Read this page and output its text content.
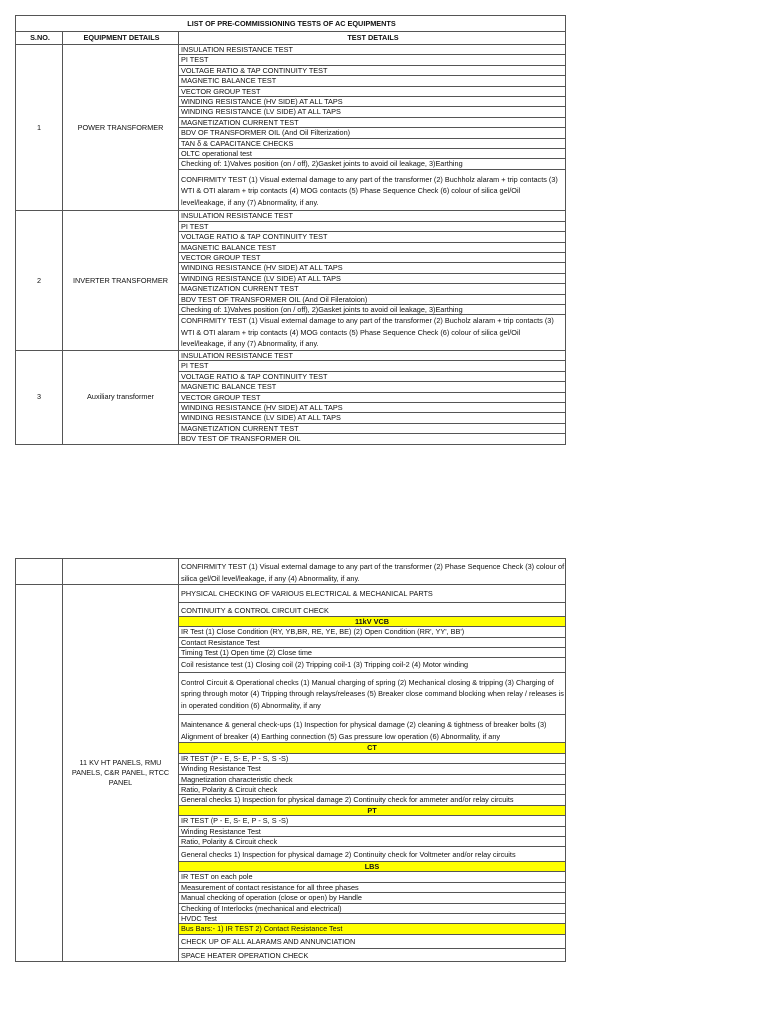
LIST OF PRE-COMMISSIONING TESTS OF AC EQUIPMENTS		
S.NO.	EQUIPMENT DETAILS	TEST DETAILS
1	POWER TRANSFORMER	INSULATION RESISTANCE TEST
		PI TEST
		VOLTAGE RATIO & TAP CONTINUITY TEST
		MAGNETIC BALANCE TEST
		VECTOR GROUP TEST
		WINDING RESISTANCE (HV SIDE) AT ALL TAPS
		WINDING RESISTANCE (LV SIDE) AT ALL TAPS
		MAGNETIZATION CURRENT TEST
		BDV OF TRANSFORMER OIL (And Oil Filterization)
		TAN δ & CAPACITANCE CHECKS
		OLTC operational test
		Checking of: 1)Valves position (on / off), 2)Gasket joints to avoid oil leakage, 3)Earthing
		CONFIRMITY TEST (1) Visual external damage to any part of the transformer (2) Buchholz alaram + trip contacts (3) WTI & OTI alaram + trip contacts (4) MOG contacts (5) Phase Sequence Check (6) colour of silica gel/Oil level/leakage, if any (7) Abnormality, if any.
2	INVERTER TRANSFORMER	INSULATION RESISTANCE TEST
		PI TEST
		VOLTAGE RATIO & TAP CONTINUITY TEST
		MAGNETIC BALANCE TEST
		VECTOR GROUP TEST
		WINDING RESISTANCE (HV SIDE) AT ALL TAPS
		WINDING RESISTANCE (LV SIDE) AT ALL TAPS
		MAGNETIZATION CURRENT TEST
		BDV TEST OF TRANSFORMER OIL (And Oil Fileratoion)
		Checking of: 1)Valves position (on / off), 2)Gasket joints to avoid oil leakage, 3)Earthing
		CONFIRMITY TEST (1) Visual external damage to any part of the transformer (2) Bucholz alaram + trip contacts (3) WTI & OTI alaram + trip contacts (4) MOG contacts (5) Phase Sequence Check (6) colour of silica gel/Oil level/leakage, if any (7) Abnormality, if any.
3	Auxiliary transformer	INSULATION RESISTANCE TEST
		PI TEST
		VOLTAGE RATIO & TAP CONTINUITY TEST
		MAGNETIC BALANCE TEST
		VECTOR GROUP TEST
		WINDING RESISTANCE (HV SIDE) AT ALL TAPS
		WINDING RESISTANCE (LV SIDE) AT ALL TAPS
		MAGNETIZATION CURRENT TEST
		BDV TEST OF TRANSFORMER OIL
		CONFIRMITY TEST (1) Visual external damage to any part of the transformer (2) Phase Sequence Check (3) colour of silica gel/Oil level/leakage, if any (4) Abnormality, if any.
	11 KV HT PANELS, RMU PANELS, C&R PANEL, RTCC PANEL	PHYSICAL CHECKING OF VARIOUS ELECTRICAL & MECHANICAL PARTS
		CONTINUITY & CONTROL CIRCUIT CHECK
		11kV VCB
		IR Test (1) Close Condition (RY, YB,BR, RE, YE, BE) (2) Open Condition (RR', YY', BB')
		Contact Resistance Test
		Timing Test (1) Open time (2) Close time
		Coil resistance test (1) Closing coil (2) Tripping coil-1 (3) Tripping coil-2 (4) Motor winding
		Control Circuit & Operational checks (1) Manual charging of spring (2) Mechanical closing & tripping (3) Charging of spring through motor (4) Tripping through relays/releases (5) Breaker close command blocking when relay / releases is in operated condition (6) Abnormality, if any
		Maintenance & general check-ups (1) Inspection for physical damage (2) cleaning & tightness of breaker bolts (3) Alignment of breaker (4) Earthing connection (5) Gas pressure low operation (6) Abnormality, if any
		CT
		IR TEST (P - E, S- E, P - S, S -S)
		Winding Resistance Test
		Magnetization characteristic check
		Ratio, Polarity & Circuit check
		General checks 1) Inspection for physical damage 2) Continuity check for ammeter and/or relay circuits
		PT
		IR TEST (P - E, S- E, P - S, S -S)
		Winding Resistance Test
		Ratio, Polarity & Circuit check
		General checks 1) Inspection for physical damage 2) Continuity check for Voltmeter and/or relay circuits
		LBS
		IR TEST on each pole
		Measurement of contact resistance for all three phases
		Manual checking of operation (close or open) by Handle
		Checking of Interlocks (mechanical and electrical)
		HVDC Test
		Bus Bars:- 1) IR TEST 2) Contact Resistance Test
		CHECK UP OF ALL ALARAMS AND ANNUNCIATION
		SPACE HEATER OPERATION CHECK
